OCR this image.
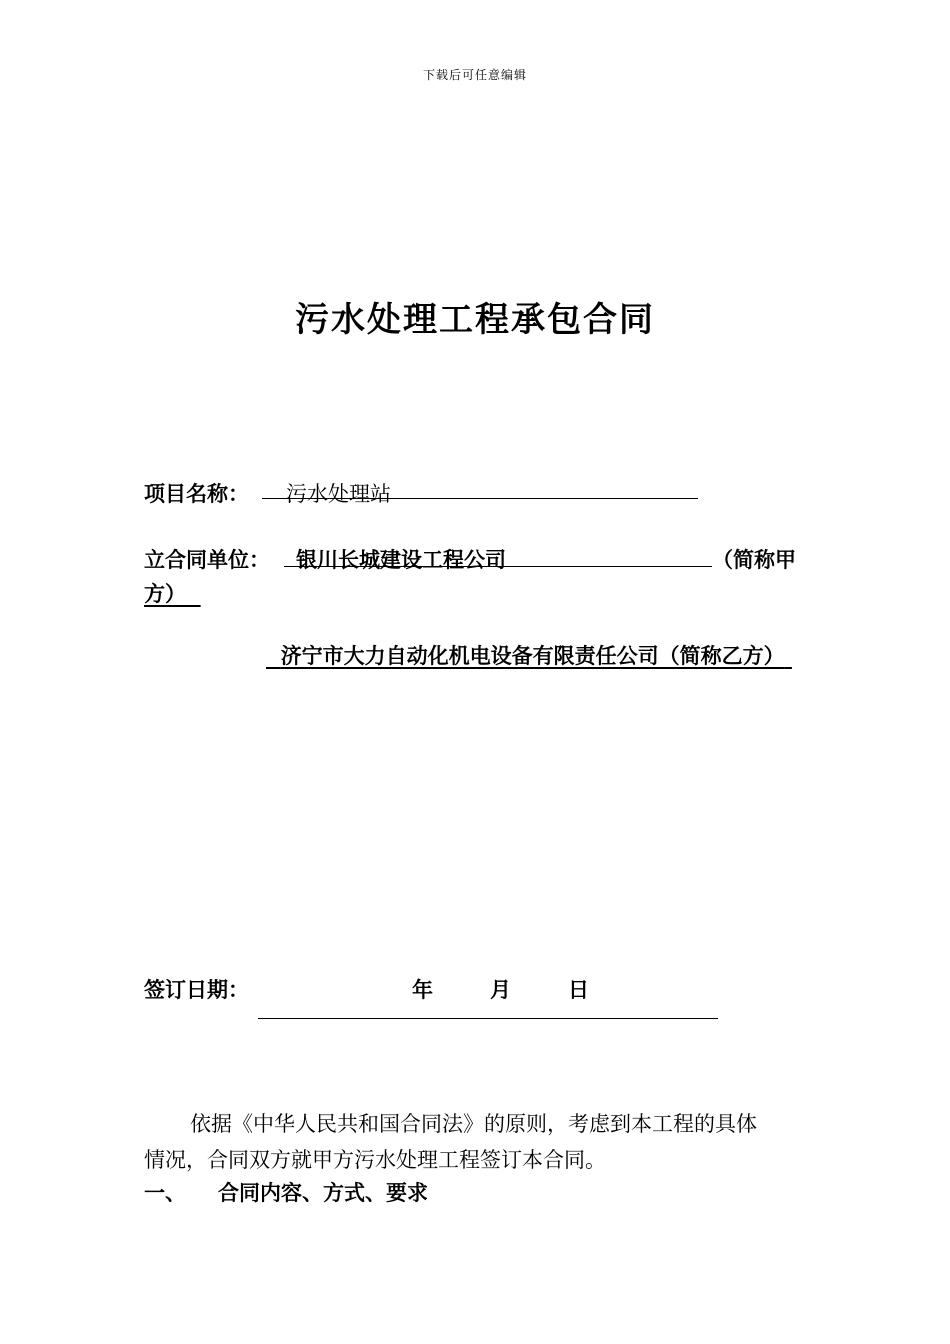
下载后可任意编辑
污水处理工程承包合同
项目名称： 污水处理站
立合同单位： 银川长城建设工程公司	（简称甲
方）
济宁市大力自动化机电设备有限责任公司（简称乙方）
签订日期：	年	月	日
依据《中华人民共和国合同法》的原则，考虑到本工程的具体
情况，合同双方就甲方污水处理工程签订本合同。
一、 合同内容、方式、要求
